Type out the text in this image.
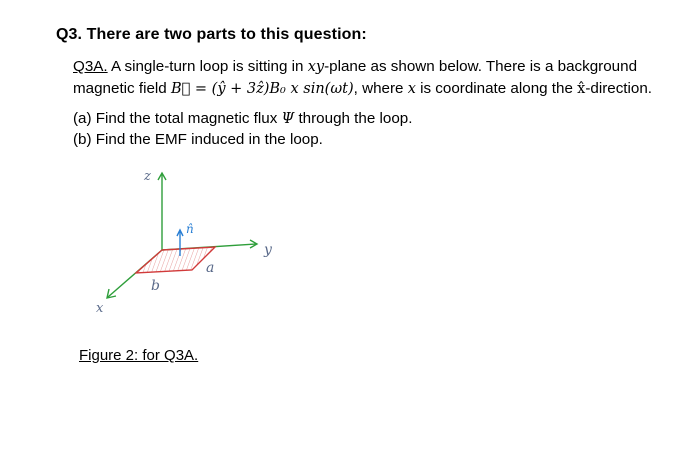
Q3. There are two parts to this question:
Q3A. A single-turn loop is sitting in xy-plane as shown below. There is a background
magnetic field B⃗ = (ŷ + 3ẑ)B₀ x sin(ωt), where x is coordinate along the x̂-direction.
(a) Find the total magnetic flux Ψ through the loop.
(b) Find the EMF induced in the loop.
z
y
x
n̂
a
b
Figure 2: for Q3A.
